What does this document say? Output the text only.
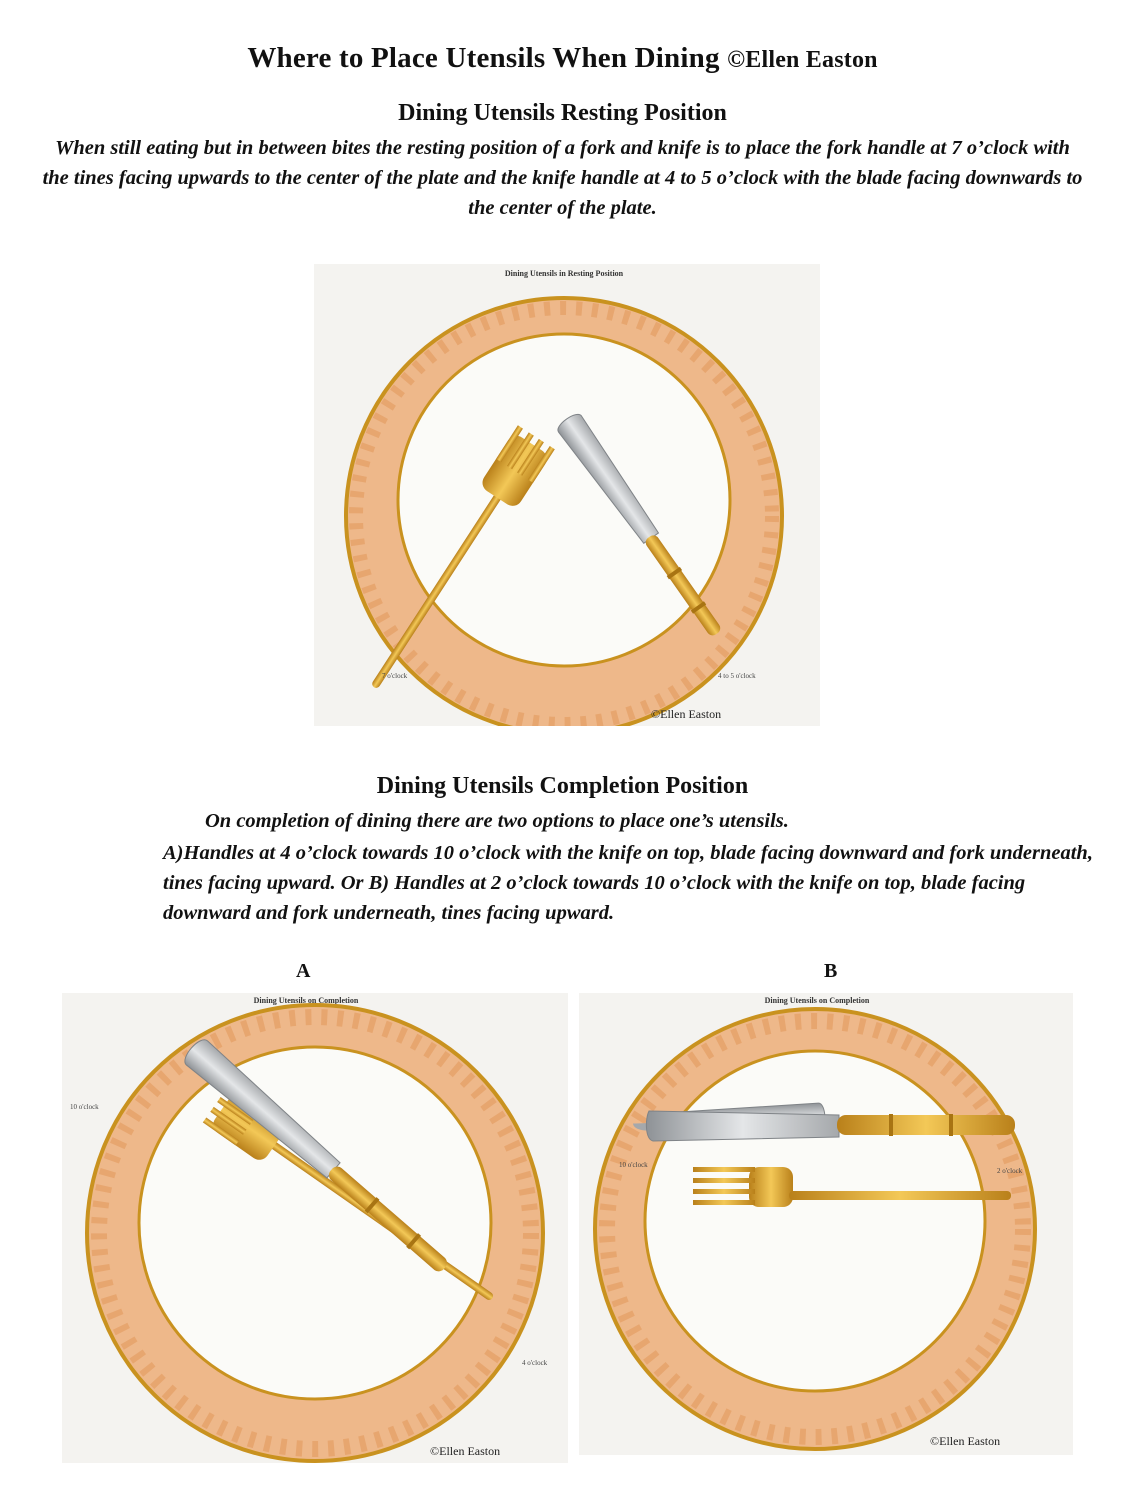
Where to Place Utensils When Dining ©Ellen Easton
Dining Utensils Resting Position
When still eating but in between bites the resting position of a fork and knife is to place the fork handle at 7 o’clock with the tines facing upwards to the center of the plate and the knife handle at 4 to 5 o’clock with the blade facing downwards to the center of the plate.
Dining Utensils in Resting Position
7 o'clock	4 to 5 o'clock
©Ellen Easton
Dining Utensils Completion Position
On completion of dining there are two options to place one’s utensils.
A)Handles at 4 o’clock towards 10 o’clock with the knife on top, blade facing downward and fork underneath, tines facing upward. Or B) Handles at 2 o’clock towards 10 o’clock with the knife on top, blade facing downward and fork underneath, tines facing upward.
A	B
Dining Utensils on Completion
10 o'clock
4 o'clock
©Ellen Easton
Dining Utensils on Completion
10 o'clock
2 o'clock
©Ellen Easton
